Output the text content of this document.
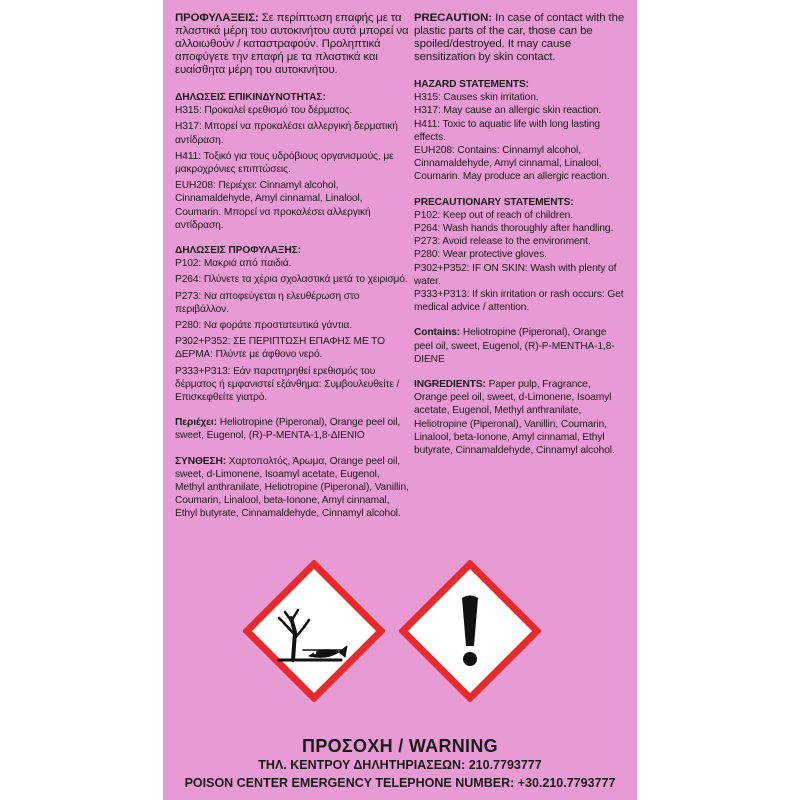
ΠΡΟΦΥΛΑΞΕΙΣ: Σε περίπτωση επαφής με τα πλαστικά μέρη του αυτοκινήτου αυτά μπορεί να αλλοιωθούν / καταστραφούν. Προληπτικά αποφύγετε την επαφή με τα πλαστικά και ευαίσθητα μέρη του αυτοκινήτου.

ΔΗΛΩΣΕΙΣ ΕΠΙΚΙΝΔΥΝΟΤΗΤΑΣ:

H315: Προκαλεί ερεθισμό του δέρματος.

H317: Μπορεί να προκαλέσει αλλεργική δερματική αντίδραση.

H411: Τοξικό για τους υδρόβιους οργανισμούς, με μακροχρόνιες επιπτώσεις.

EUH208: Περιέχει: Cinnamyl alcohol, Cinnamaldehyde, Amyl cinnamal, Linalool, Coumarin. Μπορεί να προκαλέσει αλλεργική αντίδραση.

ΔΗΛΩΣΕΙΣ ΠΡΟΦΥΛΑΞΗΣ:

P102: Μακριά από παιδιά.

P264: Πλύνετε τα χέρια σχολαστικά μετά το χειρισμό.

P273: Να αποφεύγεται η ελευθέρωση στο περιβάλλον.

P280: Να φοράτε προστατευτικά γάντια.

P302+P352: ΣΕ ΠΕΡΙΠΤΩΣΗ ΕΠΑΦΗΣ ΜΕ ΤΟ ΔΕΡΜΑ: Πλύντε με άφθονο νερό.

P333+P313: Εάν παρατηρηθεί ερεθισμός του δέρματος ή εμφανιστεί εξάνθημα: Συμβουλευθείτε / Επισκεφθείτε γιατρό.

Περιέχει: Heliotropine (Piperonal), Orange peel oil, sweet, Eugenol, (R)-P-MENTA-1,8-ΔΙΕΝΙΟ

ΣΥΝΘΕΣΗ: Χαρτοπολτός, Άρωμα, Orange peel oil, sweet, d-Limonene, Isoamyl acetate, Eugenol, Methyl anthranilate, Heliotropine (Piperonal), Vanillin, Coumarin, Linalool, beta-Ionone, Amyl cinnamal, Ethyl butyrate, Cinnamaldehyde, Cinnamyl alcohol.

PRECAUTION: In case of contact with the plastic parts of the car, those can be spoiled/destroyed. It may cause sensitization by skin contact.

HAZARD STATEMENTS:

H315: Causes skin irritation.

H317: May cause an allergic skin reaction.

H411: Toxic to aquatic life with long lasting effects.

EUH208: Contains: Cinnamyl alcohol, Cinnamaldehyde, Amyl cinnamal, Linalool, Coumarin. May produce an allergic reaction.

PRECAUTIONARY STATEMENTS:

P102: Keep out of reach of children.

P264: Wash hands thoroughly after handling.

P273: Avoid release to the environment.

P280: Wear protective gloves.

P302+P352: IF ON SKIN: Wash with plenty of water.

P333+P313: If skin irritation or rash occurs: Get medical advice / attention.

Contains: Heliotropine (Piperonal), Orange peel oil, sweet, Eugenol, (R)-P-MENTHA-1,8-DIENE

INGREDIENTS: Paper pulp, Fragrance, Orange peel oil, sweet, d-Limonene, Isoamyl acetate, Eugenol, Methyl anthranilate, Heliotropine (Piperonal), Vanillin, Coumarin, Linalool, beta-Ionone, Amyl cinnamal, Ethyl butyrate, Cinnamaldehyde, Cinnamyl alcohol.

ΠΡΟΣΟΧΗ / WARNING
ΤΗΛ. ΚΕΝΤΡΟΥ ΔΗΛΗΤΗΡΙΑΣΕΩΝ: 210.7793777
POISON CENTER EMERGENCY TELEPHONE NUMBER: +30.210.7793777
